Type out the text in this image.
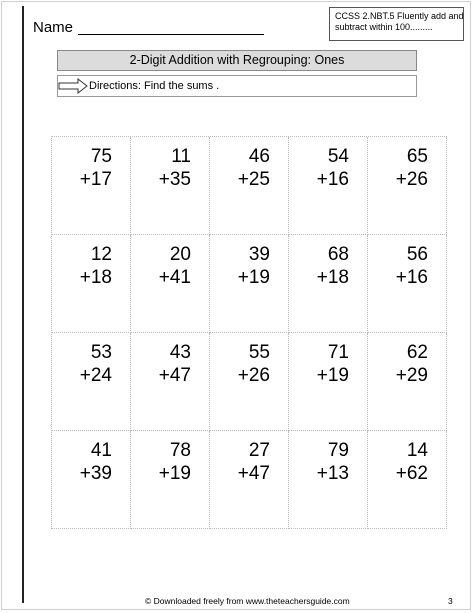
Name
CCSS 2.NBT.5 Fluently add and
subtract within 100.........
2-Digit Addition with Regrouping: Ones
Directions: Find the sums .
75
+17
11
+35
46
+25
54
+16
65
+26
12
+18
20
+41
39
+19
68
+18
56
+16
53
+24
43
+47
55
+26
71
+19
62
+29
41
+39
78
+19
27
+47
79
+13
14
+62
© Downloaded freely from www.theteachersguide.com	3
